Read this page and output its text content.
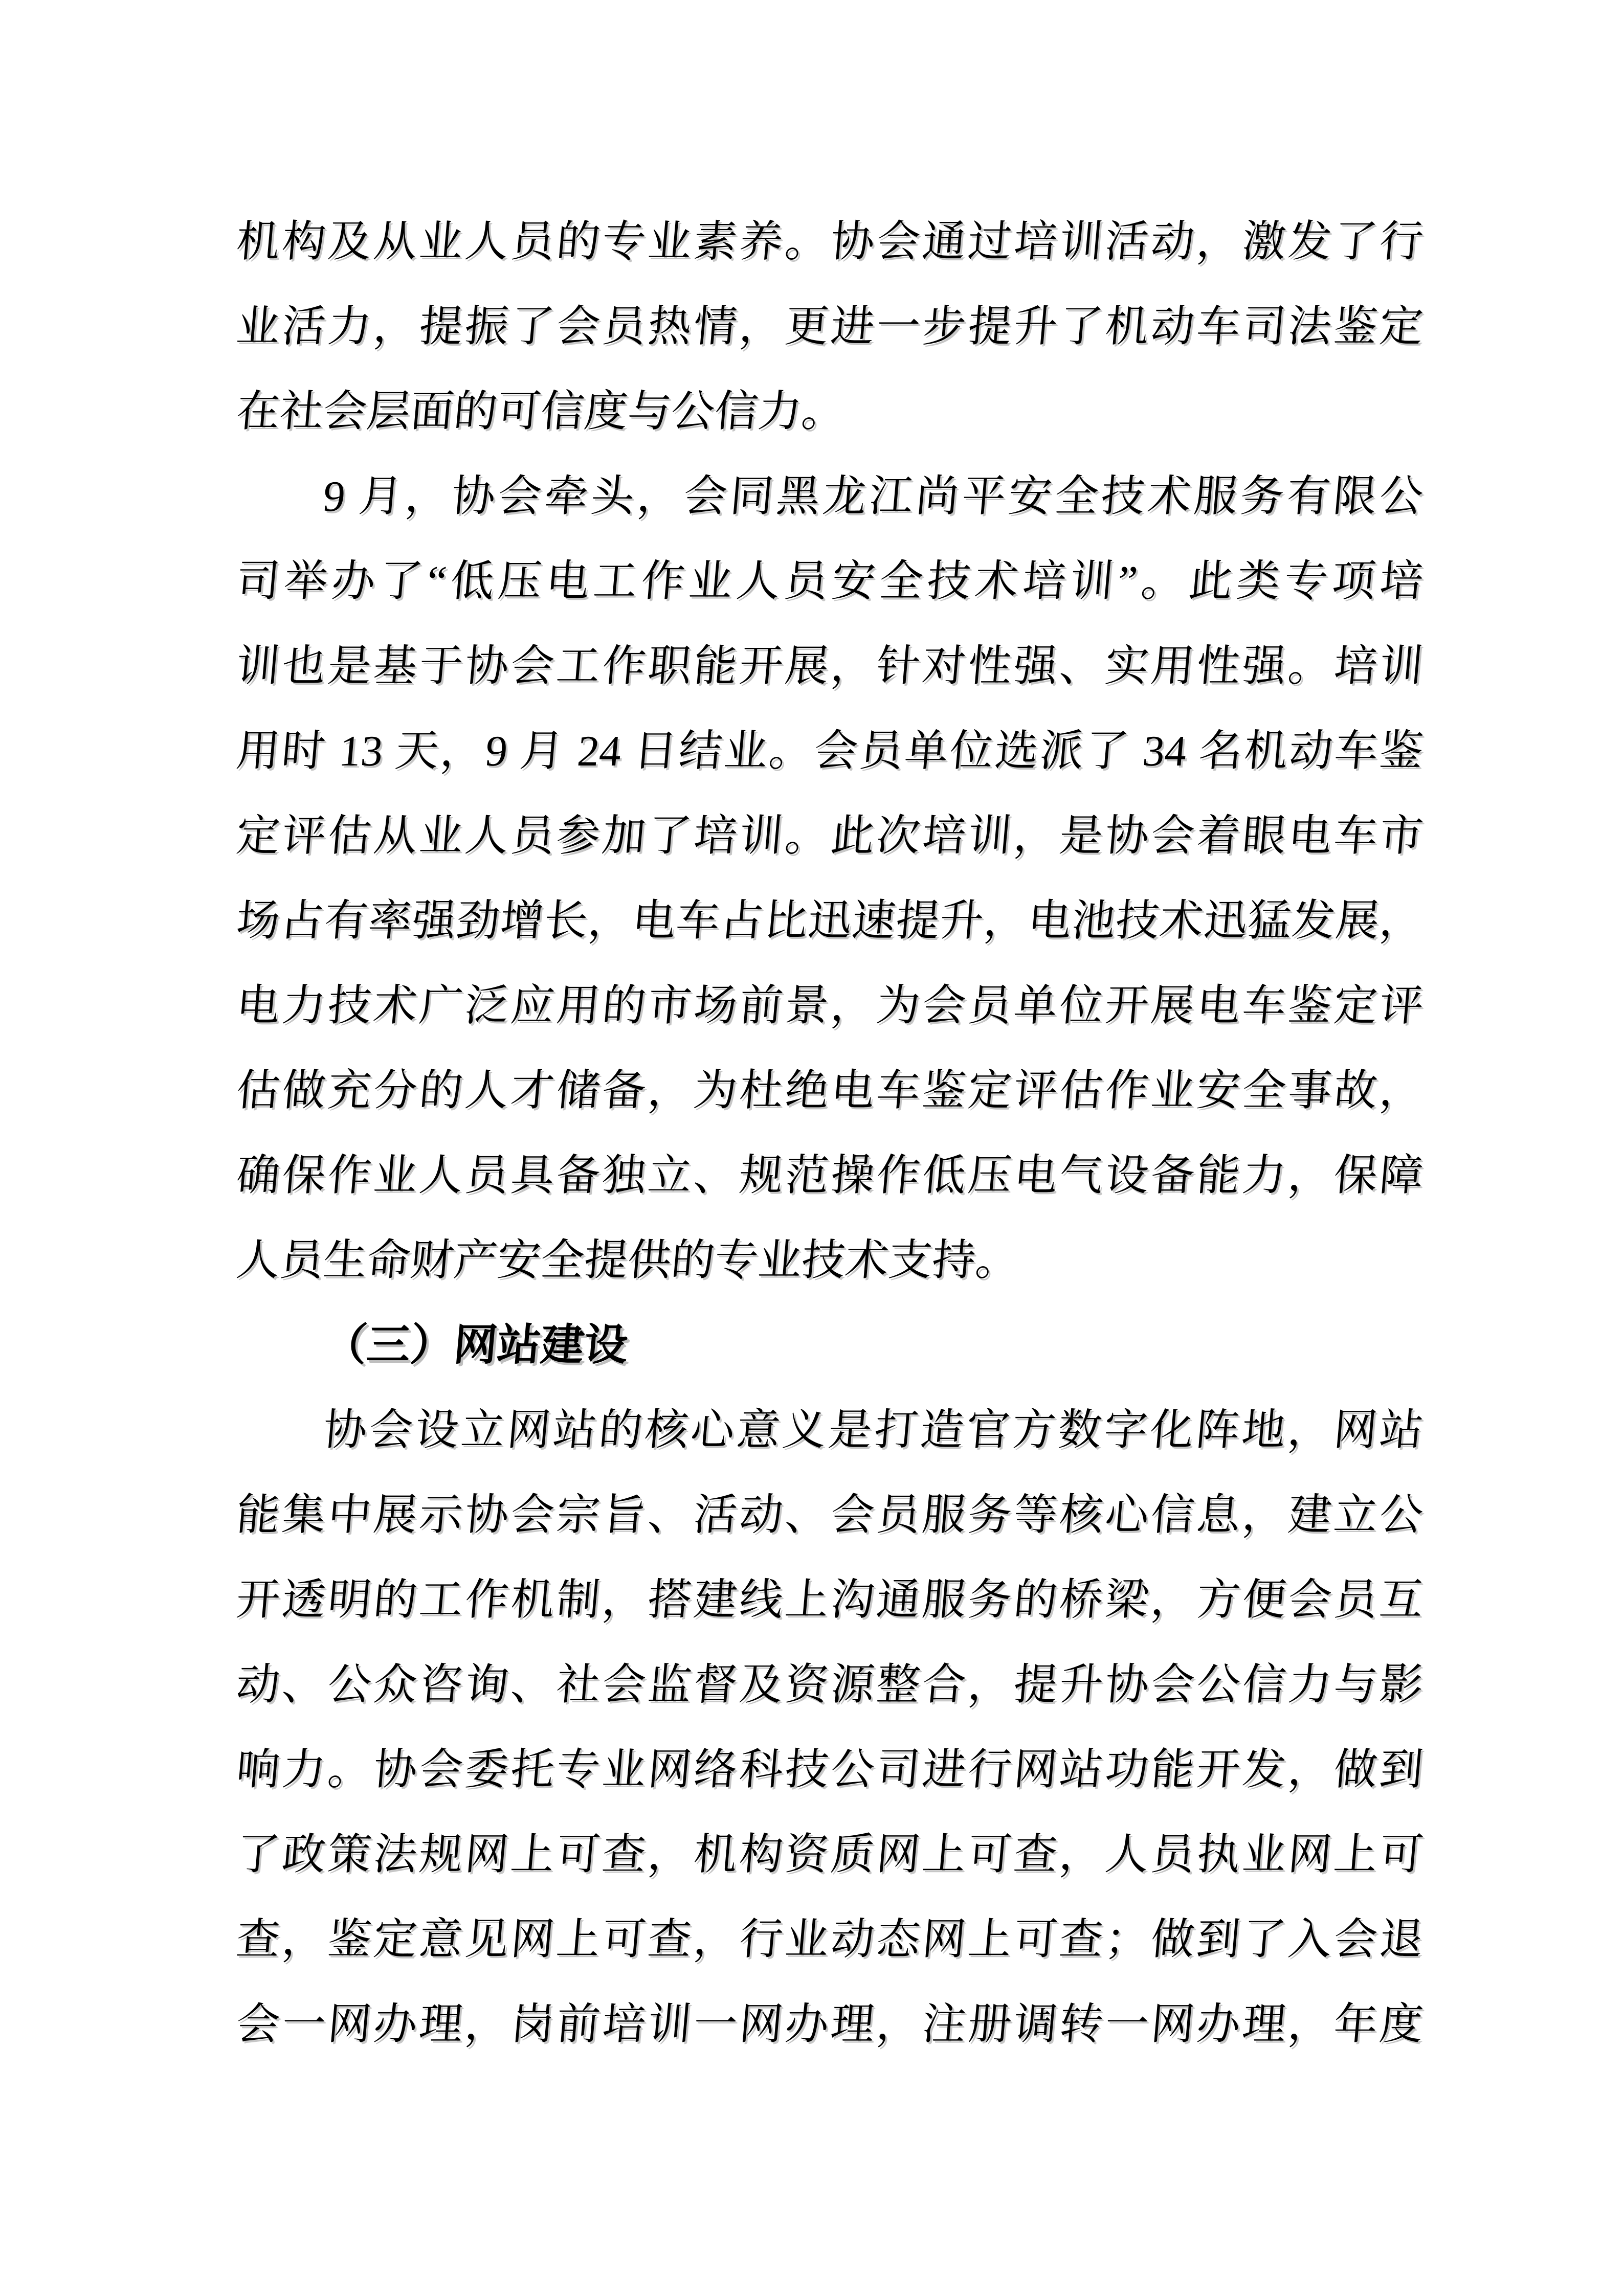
机构及从业人员的专业素养。协会通过培训活动，激发了行
业活力，提振了会员热情，更进一步提升了机动车司法鉴定
在社会层面的可信度与公信力。
9 月，协会牵头，会同黑龙江尚平安全技术服务有限公
司举办了“低压电工作业人员安全技术培训”。此类专项培
训也是基于协会工作职能开展，针对性强、实用性强。培训
用时 13 天，9 月 24 日结业。会员单位选派了 34 名机动车鉴
定评估从业人员参加了培训。此次培训，是协会着眼电车市
场占有率强劲增长，电车占比迅速提升，电池技术迅猛发展，
电力技术广泛应用的市场前景，为会员单位开展电车鉴定评
估做充分的人才储备，为杜绝电车鉴定评估作业安全事故，
确保作业人员具备独立、规范操作低压电气设备能力，保障
人员生命财产安全提供的专业技术支持。
（三）网站建设
协会设立网站的核心意义是打造官方数字化阵地，网站
能集中展示协会宗旨、活动、会员服务等核心信息，建立公
开透明的工作机制，搭建线上沟通服务的桥梁，方便会员互
动、公众咨询、社会监督及资源整合，提升协会公信力与影
响力。协会委托专业网络科技公司进行网站功能开发，做到
了政策法规网上可查，机构资质网上可查，人员执业网上可
查，鉴定意见网上可查，行业动态网上可查；做到了入会退
会一网办理，岗前培训一网办理，注册调转一网办理，年度
